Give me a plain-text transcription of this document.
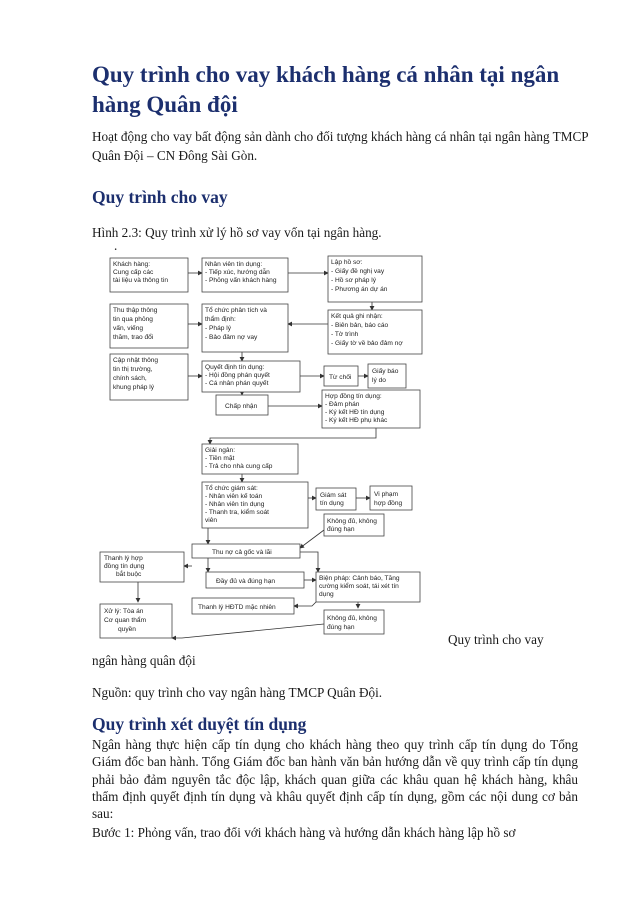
Quy trình cho vay khách hàng cá nhân tại ngân hàng Quân đội
Hoạt động cho vay bất động sản dành cho đối tượng khách hàng cá nhân tại ngân hàng TMCP Quân Đội – CN Đông Sài Gòn.
Quy trình cho vay
Hình 2.3: Quy trình xử lý hồ sơ vay vốn tại ngân hàng.
.
Khách hàng:
Cung cấp các
tài liệu và thông tin
Nhân viên tín dụng:
- Tiếp xúc, hướng dẫn
- Phỏng vấn khách hàng
Lập hồ sơ:
- Giấy đề nghị vay
- Hồ sơ pháp lý
- Phương án dự án
Thu thập thông
tin qua phỏng
vấn, viếng
thăm, trao đổi
Tổ chức phân tích và
thẩm định:
- Pháp lý
- Bảo đảm nợ vay
Kết quả ghi nhận:
- Biên bản, báo cáo
- Tờ trình
- Giấy tờ về bảo đảm nợ
Cập nhật thông
tin thị trường,
chính sách,
khung pháp lý
Quyết định tín dụng:
- Hội đồng phán quyết
- Cá nhân phán quyết
Từ chối
Giấy báo
lý do
Chấp nhận
Hợp đồng tín dụng:
- Đảm phán
- Ký kết HĐ tín dụng
- Ký kết HĐ phụ khác
Giải ngân:
- Tiền mặt
- Trả cho nhà cung cấp
Tổ chức giám sát:
- Nhân viên kế toán
- Nhân viên tín dụng
- Thanh tra, kiểm soát
viên
Giám sát
tín dụng
Vi phạm
hợp đồng
Không đủ, không
đúng hạn
Thu nợ cả gốc và lãi
Thanh lý hợp
đồng tín dụng
bắt buộc
Đầy đủ và đúng hạn	Biện pháp: Cảnh báo, Tăng
cường kiểm soát, tái xét tín
dụng
Thanh lý HĐTD mặc nhiên
Xử lý: Tòa án
Cơ quan thẩm
quyền
Không đủ, không
đúng hạn
Quy trình cho vay
ngân hàng quân đội
Nguồn: quy trình cho vay ngân hàng TMCP Quân Đội.
Quy trình xét duyệt tín dụng
Ngân hàng thực hiện cấp tín dụng cho khách hàng theo quy trình cấp tín dụng do Tổng Giám đốc ban hành. Tổng Giám đốc ban hành văn bản hướng dẫn về quy trình cấp tín dụng phải bảo đảm nguyên tắc độc lập, khách quan giữa các khâu quan hệ khách hàng, khâu thẩm định quyết định tín dụng và khâu quyết định cấp tín dụng, gồm các nội dung cơ bản sau:
Bước 1: Phỏng vấn, trao đổi với khách hàng và hướng dẫn khách hàng lập hồ sơ
